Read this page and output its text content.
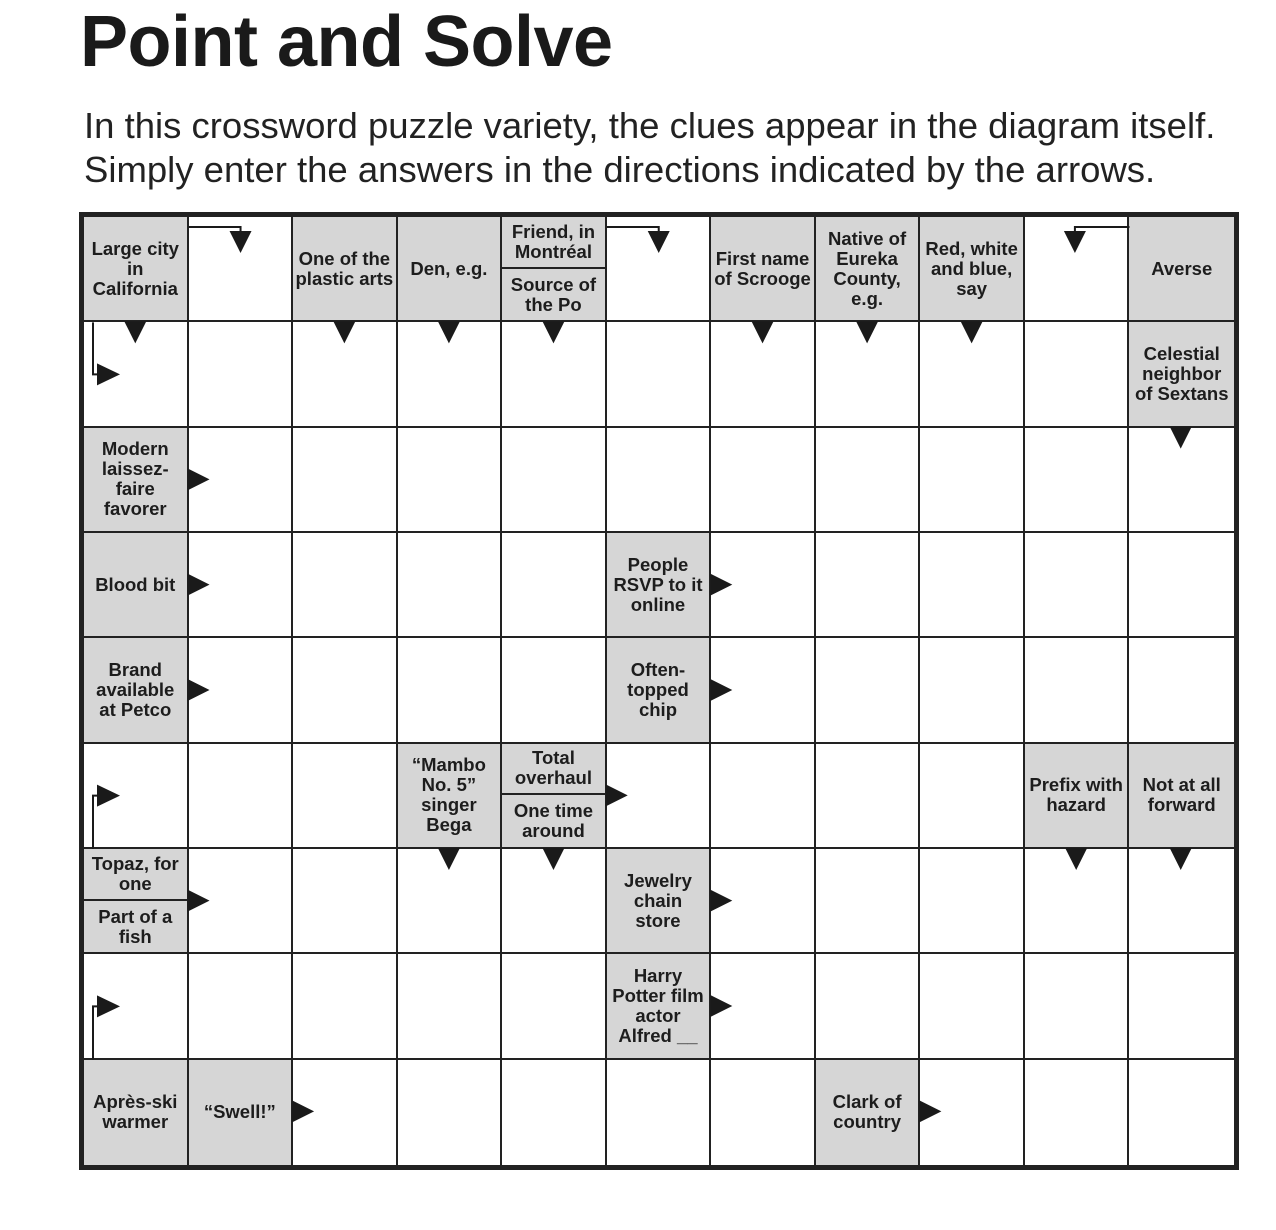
Point and Solve
In this crossword puzzle variety, the clues appear in the diagram itself.
Simply enter the answers in the directions indicated by the arrows.
Large city in California
One of the plastic arts Den, e.g.
Friend, in Montréal
Source of the Po
First name of Scrooge
Native of Eureka County, e.g.
Red, white and blue, say
Averse
Celestial neighbor of Sextans
Modern laissez-faire favorer
Blood bit
People RSVP to it online
Brand available at Petco
Often-topped chip
“Mambo No. 5” singer Bega
Total overhaul
One time around
Prefix with hazard
Not at all forward
Topaz, for one
Part of a fish
Jewelry chain store
Harry Potter film actor Alfred __
Après-ski warmer	“Swell!”	Clark of country
